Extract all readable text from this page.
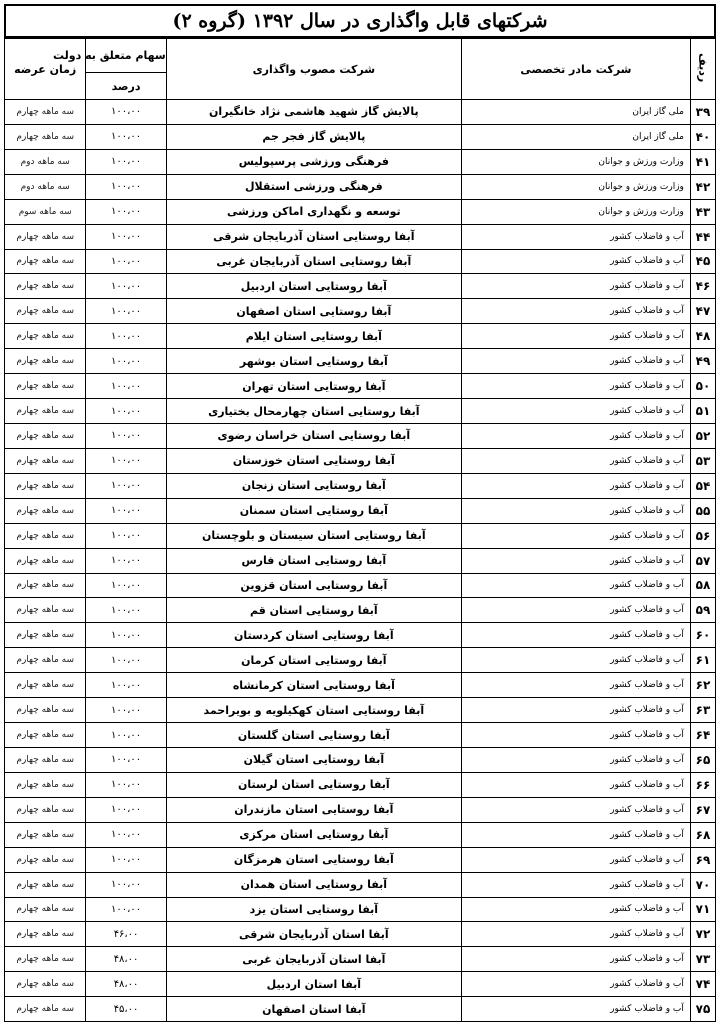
شرکتهای قابل واگذاری در سال ۱۳۹۲ (گروه ۲)
ردیف	شرکت مادر تخصصی	شرکت مصوب واگذاری	سهام متعلق به دولت	زمان عرضه
			درصد	
۳۹	ملی گاز ایران	پالایش گاز شهید هاشمی نژاد خانگیران	۱۰۰،۰۰	سه ماهه چهارم
۴۰	ملی گاز ایران	پالایش گاز فجر جم	۱۰۰،۰۰	سه ماهه چهارم
۴۱	وزارت ورزش و جوانان	فرهنگی ورزشی پرسپولیس	۱۰۰،۰۰	سه ماهه دوم
۴۲	وزارت ورزش و جوانان	فرهنگی ورزشی استقلال	۱۰۰،۰۰	سه ماهه دوم
۴۳	وزارت ورزش و جوانان	توسعه و نگهداری اماکن ورزشی	۱۰۰،۰۰	سه ماهه سوم
۴۴	آب و فاضلاب کشور	آبفا روستایی استان آذربایجان شرقی	۱۰۰،۰۰	سه ماهه چهارم
۴۵	آب و فاضلاب کشور	آبفا روستایی استان آذربایجان غربی	۱۰۰،۰۰	سه ماهه چهارم
۴۶	آب و فاضلاب کشور	آبفا روستایی استان اردبیل	۱۰۰،۰۰	سه ماهه چهارم
۴۷	آب و فاضلاب کشور	آبفا روستایی استان اصفهان	۱۰۰،۰۰	سه ماهه چهارم
۴۸	آب و فاضلاب کشور	آبفا روستایی استان ایلام	۱۰۰،۰۰	سه ماهه چهارم
۴۹	آب و فاضلاب کشور	آبفا روستایی استان بوشهر	۱۰۰،۰۰	سه ماهه چهارم
۵۰	آب و فاضلاب کشور	آبفا روستایی استان تهران	۱۰۰،۰۰	سه ماهه چهارم
۵۱	آب و فاضلاب کشور	آبفا روستایی استان چهارمحال بختیاری	۱۰۰،۰۰	سه ماهه چهارم
۵۲	آب و فاضلاب کشور	آبفا روستایی استان خراسان رضوی	۱۰۰،۰۰	سه ماهه چهارم
۵۳	آب و فاضلاب کشور	آبفا روستایی استان خوزستان	۱۰۰،۰۰	سه ماهه چهارم
۵۴	آب و فاضلاب کشور	آبفا روستایی استان زنجان	۱۰۰،۰۰	سه ماهه چهارم
۵۵	آب و فاضلاب کشور	آبفا روستایی استان سمنان	۱۰۰،۰۰	سه ماهه چهارم
۵۶	آب و فاضلاب کشور	آبفا روستایی استان سیستان و بلوچستان	۱۰۰،۰۰	سه ماهه چهارم
۵۷	آب و فاضلاب کشور	آبفا روستایی استان فارس	۱۰۰،۰۰	سه ماهه چهارم
۵۸	آب و فاضلاب کشور	آبفا روستایی استان قزوین	۱۰۰،۰۰	سه ماهه چهارم
۵۹	آب و فاضلاب کشور	آبفا روستایی استان قم	۱۰۰،۰۰	سه ماهه چهارم
۶۰	آب و فاضلاب کشور	آبفا روستایی استان کردستان	۱۰۰،۰۰	سه ماهه چهارم
۶۱	آب و فاضلاب کشور	آبفا روستایی استان کرمان	۱۰۰،۰۰	سه ماهه چهارم
۶۲	آب و فاضلاب کشور	آبفا روستایی استان کرمانشاه	۱۰۰،۰۰	سه ماهه چهارم
۶۳	آب و فاضلاب کشور	آبفا روستایی استان کهکیلویه و بویراحمد	۱۰۰،۰۰	سه ماهه چهارم
۶۴	آب و فاضلاب کشور	آبفا روستایی استان گلستان	۱۰۰،۰۰	سه ماهه چهارم
۶۵	آب و فاضلاب کشور	آبفا روستایی استان گیلان	۱۰۰،۰۰	سه ماهه چهارم
۶۶	آب و فاضلاب کشور	آبفا روستایی استان لرستان	۱۰۰،۰۰	سه ماهه چهارم
۶۷	آب و فاضلاب کشور	آبفا روستایی استان مازندران	۱۰۰،۰۰	سه ماهه چهارم
۶۸	آب و فاضلاب کشور	آبفا روستایی استان مرکزی	۱۰۰،۰۰	سه ماهه چهارم
۶۹	آب و فاضلاب کشور	آبفا روستایی استان هرمزگان	۱۰۰،۰۰	سه ماهه چهارم
۷۰	آب و فاضلاب کشور	آبفا روستایی استان همدان	۱۰۰،۰۰	سه ماهه چهارم
۷۱	آب و فاضلاب کشور	آبفا روستایی استان یزد	۱۰۰،۰۰	سه ماهه چهارم
۷۲	آب و فاضلاب کشور	آبفا استان آذربایجان شرقی	۴۶،۰۰	سه ماهه چهارم
۷۳	آب و فاضلاب کشور	آبفا استان آذربایجان غربی	۴۸،۰۰	سه ماهه چهارم
۷۴	آب و فاضلاب کشور	آبفا استان اردبیل	۴۸،۰۰	سه ماهه چهارم
۷۵	آب و فاضلاب کشور	آبفا استان اصفهان	۴۵،۰۰	سه ماهه چهارم
